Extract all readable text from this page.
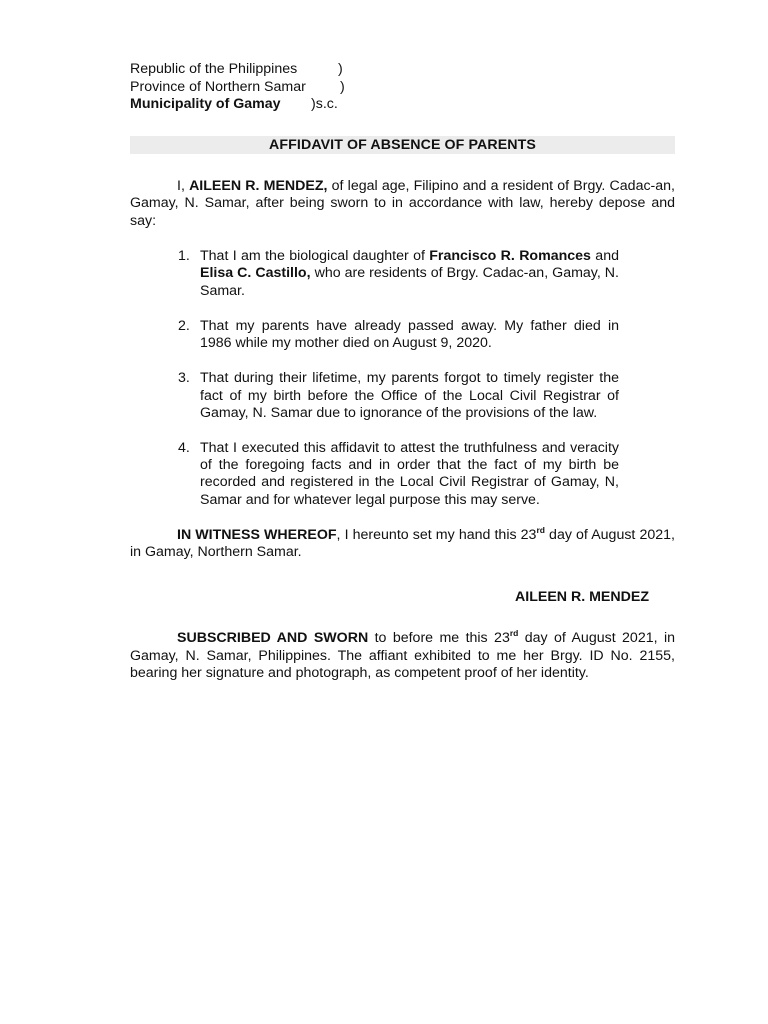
Republic of the Philippines	)
Province of Northern Samar )
Municipality of Gamay )s.c.
AFFIDAVIT OF ABSENCE OF PARENTS

I, AILEEN R. MENDEZ, of legal age, Filipino and a resident of Brgy. Cadac-an, Gamay, N. Samar, after being sworn to in accordance with law, hereby depose and say:

1. That I am the biological daughter of Francisco R. Romances and Elisa C. Castillo, who are residents of Brgy. Cadac-an, Gamay, N. Samar.
2. That my parents have already passed away. My father died in 1986 while my mother died on August 9, 2020.
3. That during their lifetime, my parents forgot to timely register the fact of my birth before the Office of the Local Civil Registrar of Gamay, N. Samar due to ignorance of the provisions of the law.
4. That I executed this affidavit to attest the truthfulness and veracity of the foregoing facts and in order that the fact of my birth be recorded and registered in the Local Civil Registrar of Gamay, N, Samar and for whatever legal purpose this may serve.

IN WITNESS WHEREOF, I hereunto set my hand this 23rd day of August 2021, in Gamay, Northern Samar.

AILEEN R. MENDEZ

SUBSCRIBED AND SWORN to before me this 23rd day of August 2021, in Gamay, N. Samar, Philippines. The affiant exhibited to me her Brgy. ID No. 2155, bearing her signature and photograph, as competent proof of her identity.
